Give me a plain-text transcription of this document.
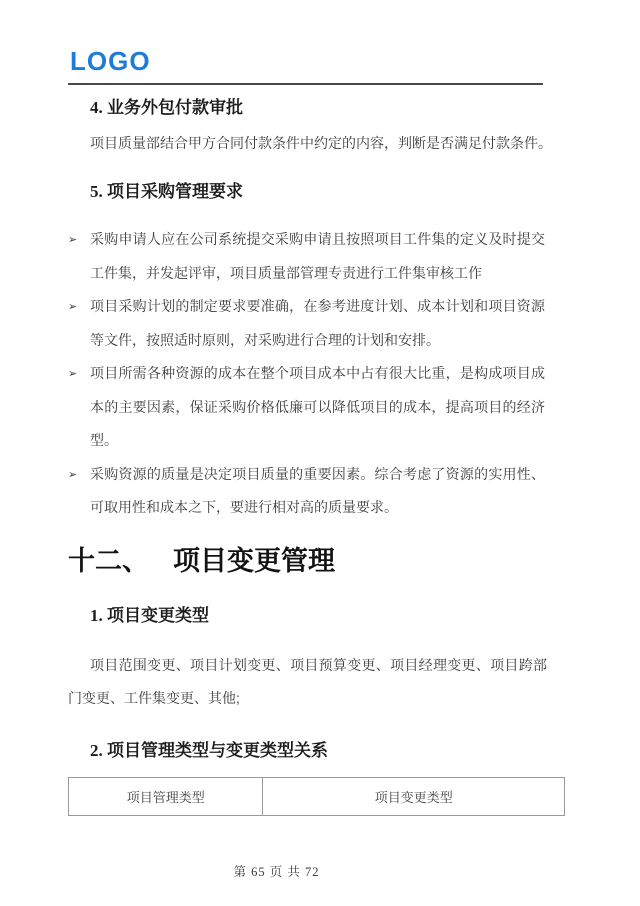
LOGO
4. 业务外包付款审批

项目质量部结合甲方合同付款条件中约定的内容，判断是否满足付款条件。

5. 项目采购管理要求
➢ 采购申请人应在公司系统提交采购申请且按照项目工件集的定义及时提交工件集，并发起评审，项目质量部管理专责进行工件集审核工作
➢ 项目采购计划的制定要求要准确，在参考进度计划、成本计划和项目资源等文件，按照适时原则，对采购进行合理的计划和安排。
➢ 项目所需各种资源的成本在整个项目成本中占有很大比重，是构成项目成本的主要因素，保证采购价格低廉可以降低项目的成本，提高项目的经济型。
➢ 采购资源的质量是决定项目质量的重要因素。综合考虑了资源的实用性、可取用性和成本之下，要进行相对高的质量要求。
十二、 项目变更管理
1. 项目变更类型

项目范围变更、项目计划变更、项目预算变更、项目经理变更、项目跨部门变更、工件集变更、其他;

2. 项目管理类型与变更类型关系
项目管理类型	项目变更类型
第 65 页 共 72
